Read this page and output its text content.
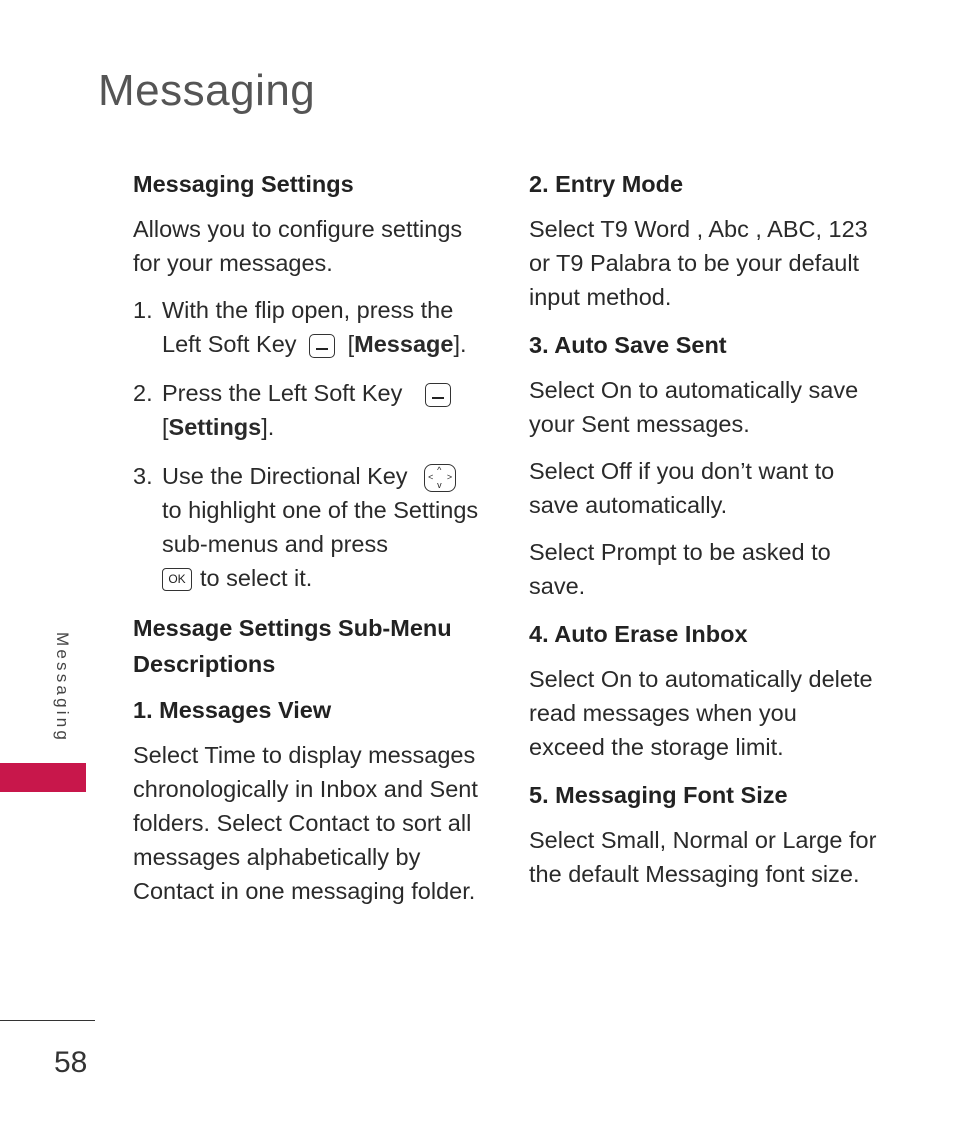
Messaging
Messaging
58
Messaging Settings
Allows you to configure settings for your messages.
1. With the flip open, press the Left Soft Key [Message].
2. Press the Left Soft Key
[Settings].
3. Use the Directional Key	^
v
< >

to highlight one of the Settings sub-menus and press
OK to select it.
Message Settings Sub-Menu Descriptions
1. Messages View
Select Time to display messages chronologically in Inbox and Sent folders. Select Contact to sort all messages alphabetically by Contact in one messaging folder.
2. Entry Mode
Select T9 Word , Abc , ABC, 123 or T9 Palabra to be your default input method.
3. Auto Save Sent
Select On to automatically save your Sent messages.
Select Off if you don’t want to save automatically.
Select Prompt to be asked to save.
4. Auto Erase Inbox
Select On to automatically delete read messages when you exceed the storage limit.
5. Messaging Font Size
Select Small, Normal or Large for the default Messaging font size.
